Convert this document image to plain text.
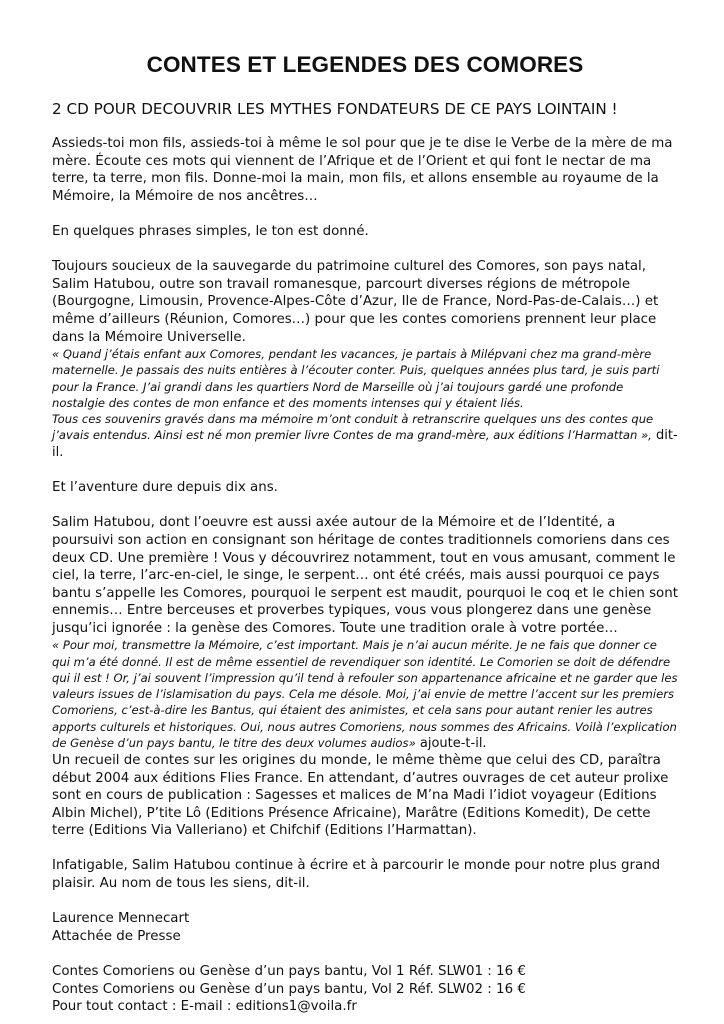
CONTES ET LEGENDES DES COMORES
2 CD POUR DECOUVRIR LES MYTHES FONDATEURS DE CE PAYS LOINTAIN !

Assieds-toi mon fils, assieds-toi à même le sol pour que je te dise le Verbe de la mère de ma mère. Écoute ces mots qui viennent de l’Afrique et de l’Orient et qui font le nectar de ma terre, ta terre, mon fils. Donne-moi la main, mon fils, et allons ensemble au royaume de la Mémoire, la Mémoire de nos ancêtres…

En quelques phrases simples, le ton est donné.

Toujours soucieux de la sauvegarde du patrimoine culturel des Comores, son pays natal, Salim Hatubou, outre son travail romanesque, parcourt diverses régions de métropole (Bourgogne, Limousin, Provence-Alpes-Côte d’Azur, Ile de France, Nord-Pas-de-Calais…) et même d’ailleurs (Réunion, Comores…) pour que les contes comoriens prennent leur place dans la Mémoire Universelle.

« Quand j’étais enfant aux Comores, pendant les vacances, je partais à Milépvani chez ma grand-mère maternelle. Je passais des nuits entières à l’écouter conter. Puis, quelques années plus tard, je suis parti pour la France. J’ai grandi dans les quartiers Nord de Marseille où j’ai toujours gardé une profonde nostalgie des contes de mon enfance et des moments intenses qui y étaient liés.

Tous ces souvenirs gravés dans ma mémoire m’ont conduit à retranscrire quelques uns des contes que j’avais entendus. Ainsi est né mon premier livre Contes de ma grand-mère, aux éditions l’Harmattan », dit-il.

Et l’aventure dure depuis dix ans.

Salim Hatubou, dont l’oeuvre est aussi axée autour de la Mémoire et de l’Identité, a poursuivi son action en consignant son héritage de contes traditionnels comoriens dans ces deux CD. Une première ! Vous y découvrirez notamment, tout en vous amusant, comment le ciel, la terre, l’arc-en-ciel, le singe, le serpent… ont été créés, mais aussi pourquoi ce pays bantu s’appelle les Comores, pourquoi le serpent est maudit, pourquoi le coq et le chien sont ennemis… Entre berceuses et proverbes typiques, vous vous plongerez dans une genèse jusqu’ici ignorée : la genèse des Comores. Toute une tradition orale à votre portée…

« Pour moi, transmettre la Mémoire, c’est important. Mais je n’ai aucun mérite. Je ne fais que donner ce qui m’a été donné. Il est de même essentiel de revendiquer son identité. Le Comorien se doit de défendre qui il est ! Or, j’ai souvent l’impression qu’il tend à refouler son appartenance africaine et ne garder que les valeurs issues de l’islamisation du pays. Cela me désole. Moi, j’ai envie de mettre l’accent sur les premiers Comoriens, c’est-à-dire les Bantus, qui étaient des animistes, et cela sans pour autant renier les autres apports culturels et historiques. Oui, nous autres Comoriens, nous sommes des Africains. Voilà l’explication de Genèse d’un pays bantu, le titre des deux volumes audios» ajoute-t-il.

Un recueil de contes sur les origines du monde, le même thème que celui des CD, paraîtra début 2004 aux éditions Flies France. En attendant, d’autres ouvrages de cet auteur prolixe sont en cours de publication : Sagesses et malices de M’na Madi l’idiot voyageur (Editions Albin Michel), P’tite Lô (Editions Présence Africaine), Marâtre (Editions Komedit), De cette terre (Editions Via Valleriano) et Chifchif (Editions l’Harmattan).

Infatigable, Salim Hatubou continue à écrire et à parcourir le monde pour notre plus grand plaisir. Au nom de tous les siens, dit-il.

Laurence Mennecart

Attachée de Presse

Contes Comoriens ou Genèse d’un pays bantu, Vol 1 Réf. SLW01 : 16 €

Contes Comoriens ou Genèse d’un pays bantu, Vol 2 Réf. SLW02 : 16 €

Pour tout contact : E-mail : editions1@voila.fr
